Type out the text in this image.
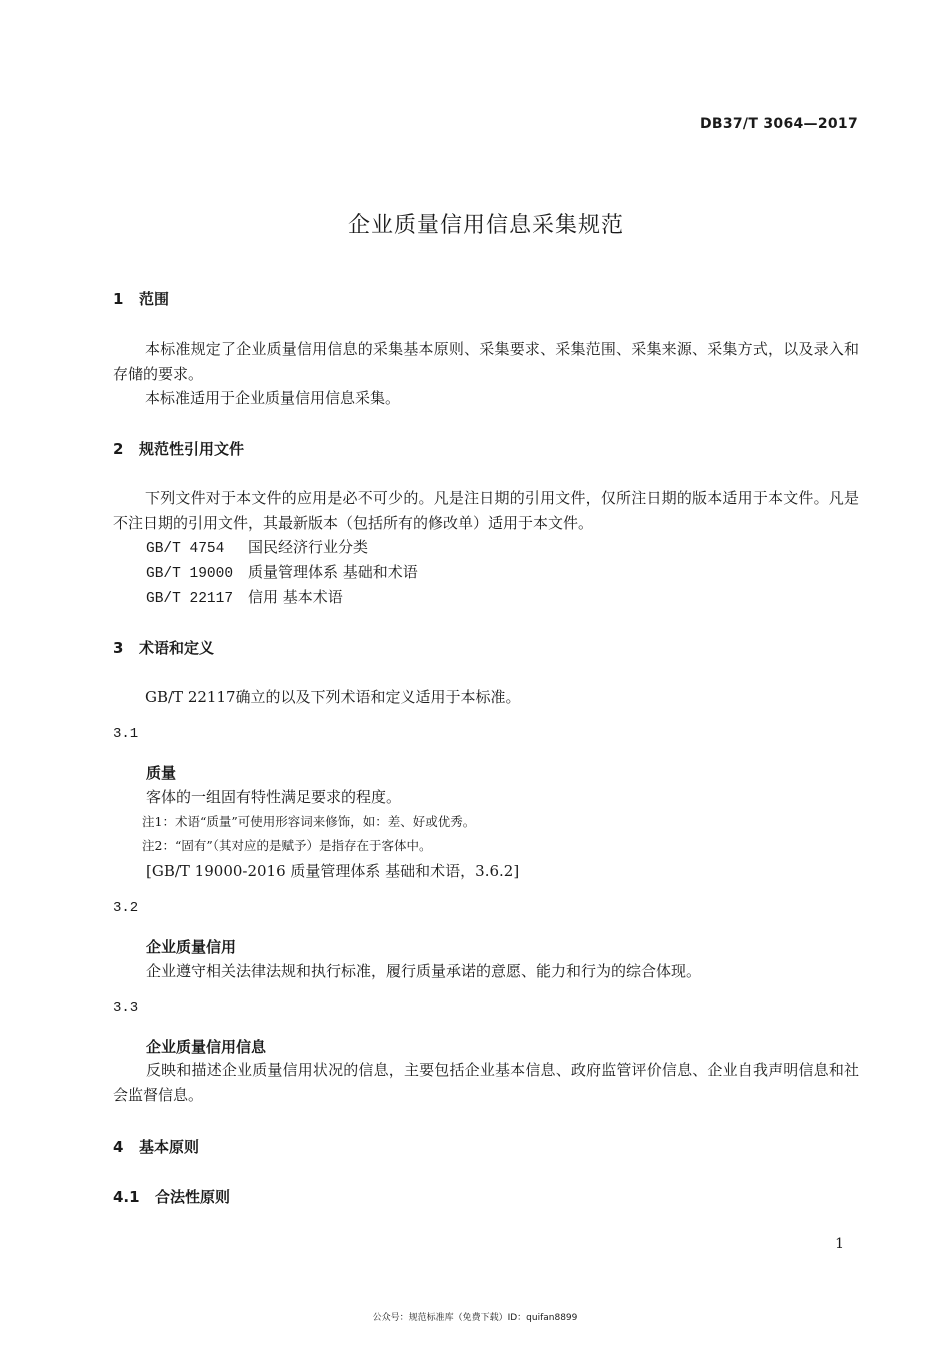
DB37/T 3064—2017
企业质量信用信息采集规范
1 范围
本标准规定了企业质量信用信息的采集基本原则、采集要求、采集范围、采集来源、采集方式，以及录入和存储的要求。
本标准适用于企业质量信用信息采集。
2 规范性引用文件
下列文件对于本文件的应用是必不可少的。凡是注日期的引用文件，仅所注日期的版本适用于本文件。凡是不注日期的引用文件，其最新版本（包括所有的修改单）适用于本文件。
GB/T 4754 国民经济行业分类
GB/T 19000 质量管理体系 基础和术语
GB/T 22117 信用 基本术语
3 术语和定义
GB/T 22117确立的以及下列术语和定义适用于本标准。
3.1
质量
客体的一组固有特性满足要求的程度。
注1：术语“质量”可使用形容词来修饰，如：差、好或优秀。
注2：“固有”（其对应的是赋予）是指存在于客体中。
[GB/T 19000-2016 质量管理体系 基础和术语，3.6.2]
3.2
企业质量信用
企业遵守相关法律法规和执行标准，履行质量承诺的意愿、能力和行为的综合体现。
3.3
企业质量信用信息
反映和描述企业质量信用状况的信息，主要包括企业基本信息、政府监管评价信息、企业自我声明信息和社会监督信息。
4 基本原则
4.1 合法性原则
1
公众号：规范标准库（免费下载）ID：quifan8899
